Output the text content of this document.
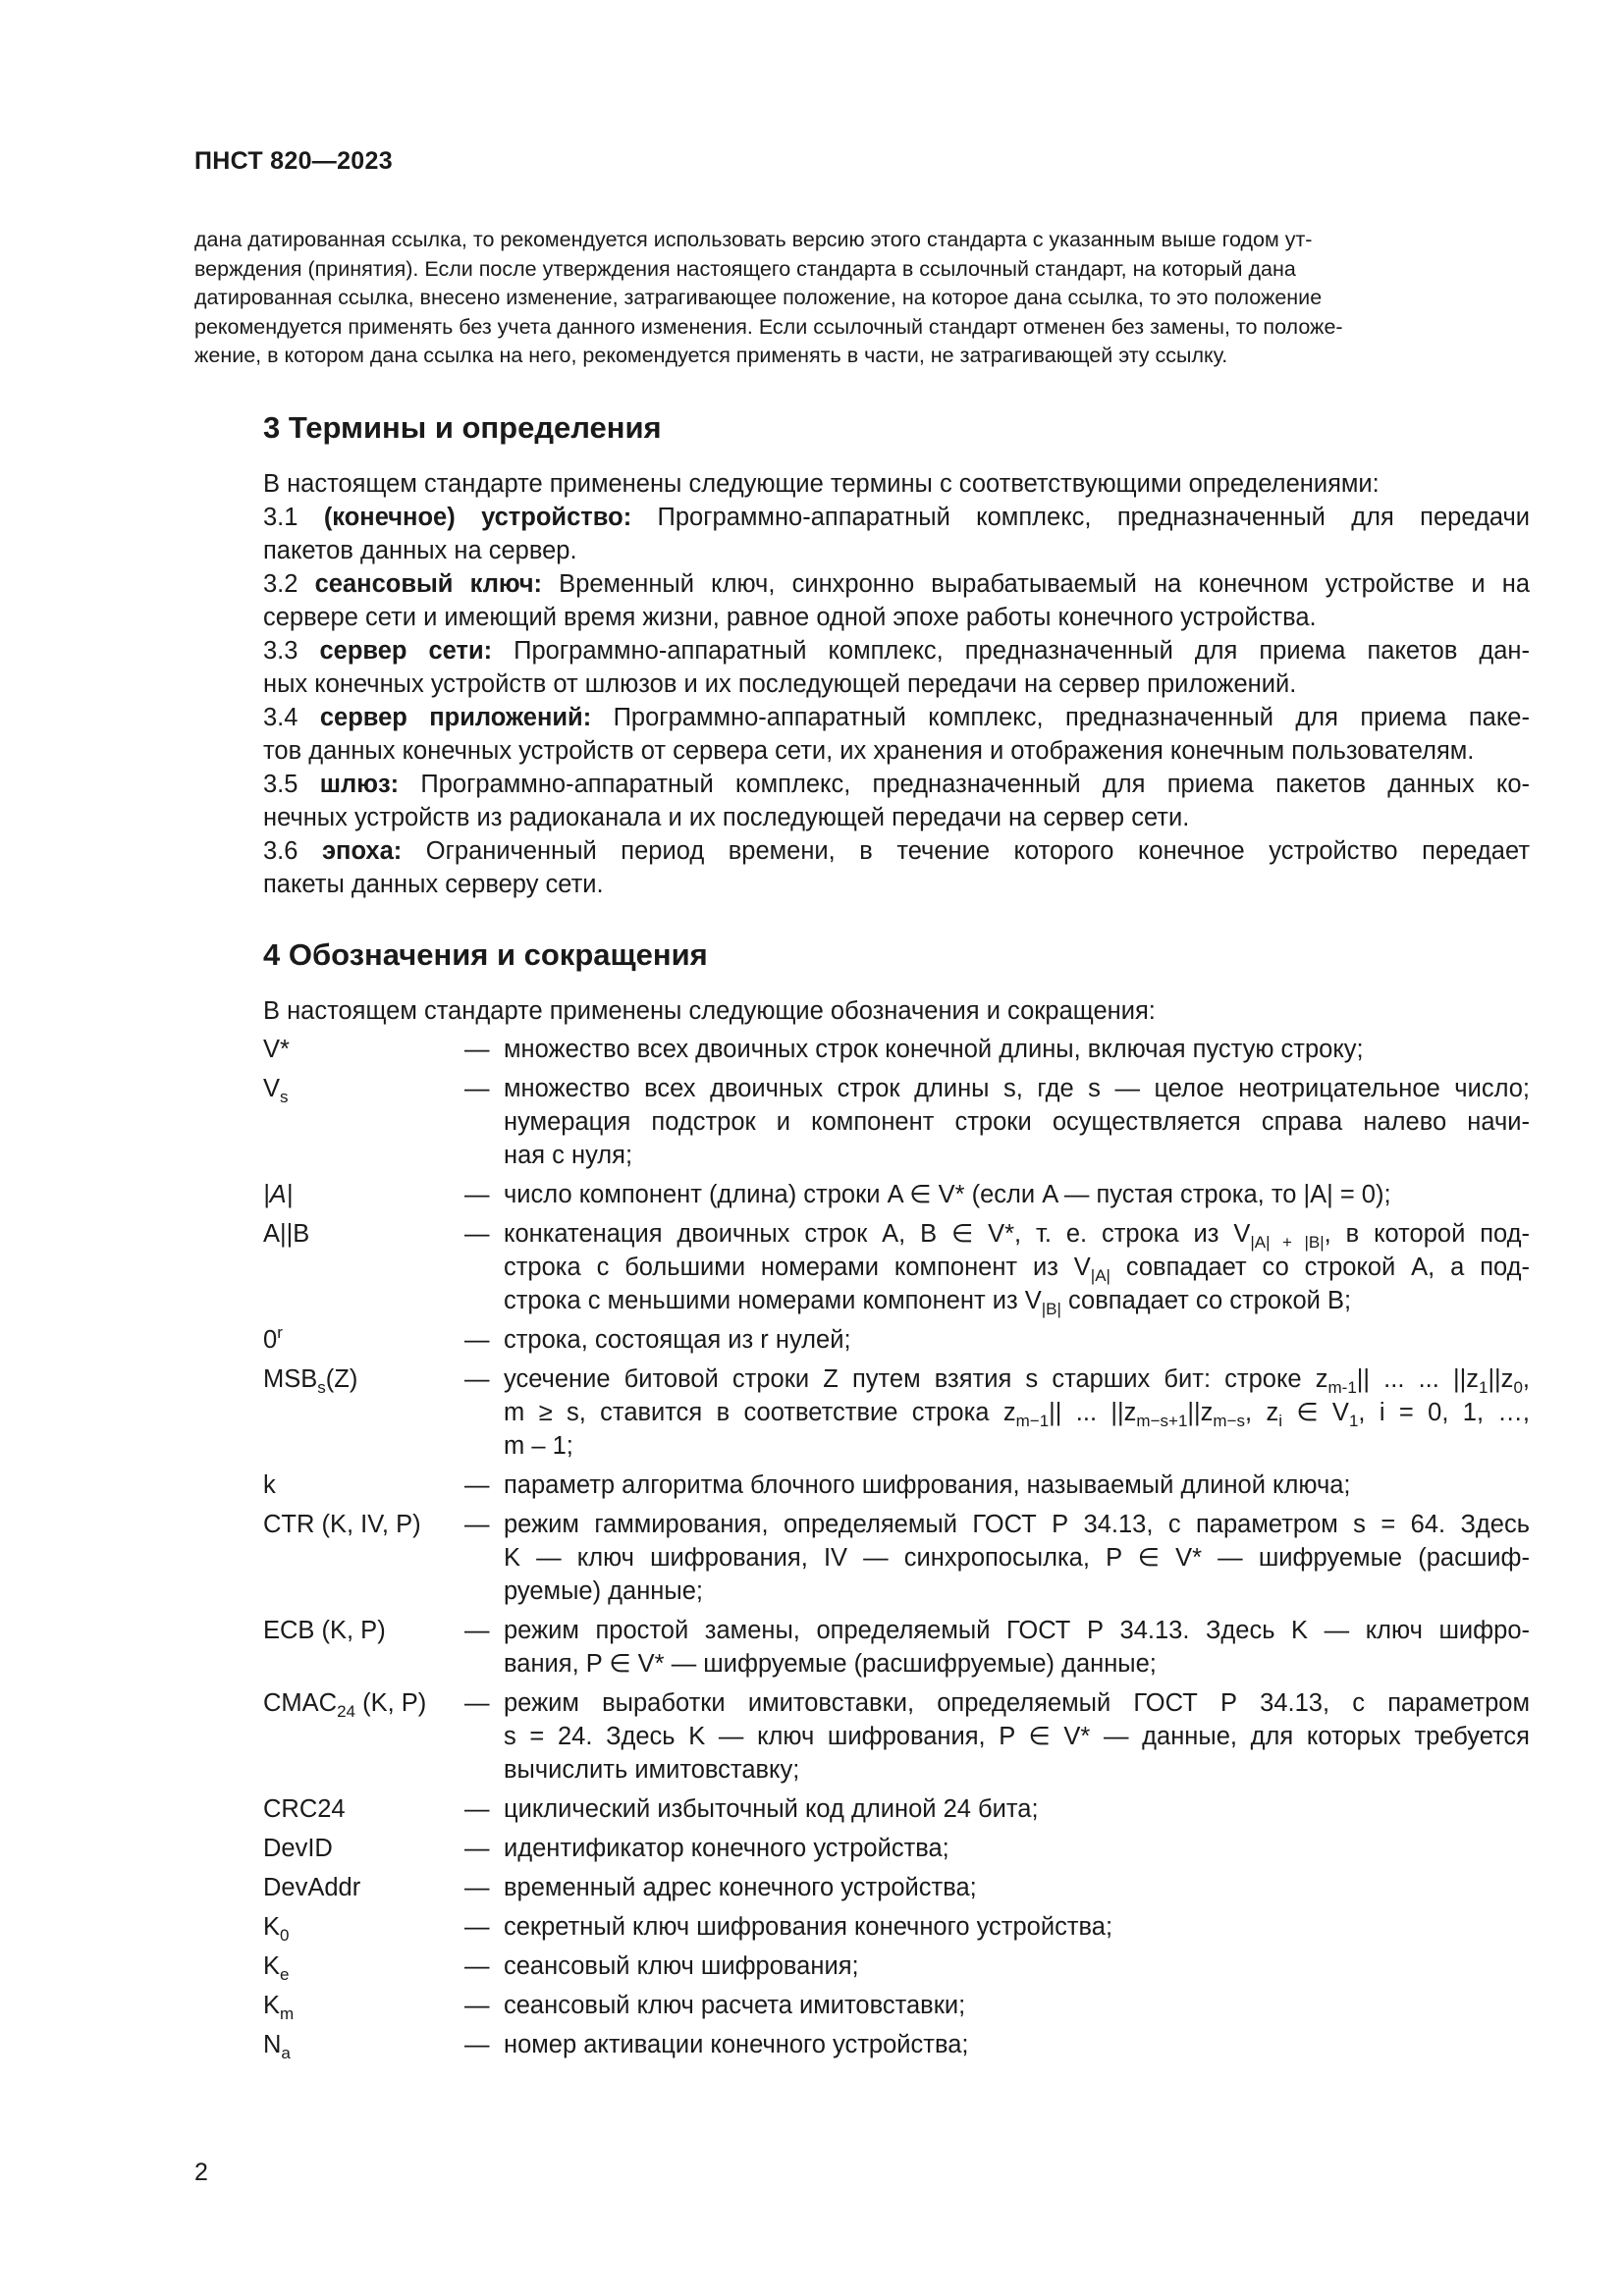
ПНСТ 820—2023
дана датированная ссылка, то рекомендуется использовать версию этого стандарта с указанным выше годом ут-
верждения (принятия). Если после утверждения настоящего стандарта в ссылочный стандарт, на который дана
датированная ссылка, внесено изменение, затрагивающее положение, на которое дана ссылка, то это положение
рекомендуется применять без учета данного изменения. Если ссылочный стандарт отменен без замены, то положе-
жение, в котором дана ссылка на него, рекомендуется применять в части, не затрагивающей эту ссылку.
3 Термины и определения

В настоящем стандарте применены следующие термины с соответствующими определениями:

3.1 (конечное) устройство: Программно-аппаратный комплекс, предназначенный для передачи
пакетов данных на сервер.

3.2 сеансовый ключ: Временный ключ, синхронно вырабатываемый на конечном устройстве и на
сервере сети и имеющий время жизни, равное одной эпохе работы конечного устройства.

3.3 сервер сети: Программно-аппаратный комплекс, предназначенный для приема пакетов дан-
ных конечных устройств от шлюзов и их последующей передачи на сервер приложений.

3.4 сервер приложений: Программно-аппаратный комплекс, предназначенный для приема паке-
тов данных конечных устройств от сервера сети, их хранения и отображения конечным пользователям.

3.5 шлюз: Программно-аппаратный комплекс, предназначенный для приема пакетов данных ко-
нечных устройств из радиоканала и их последующей передачи на сервер сети.

3.6 эпоха: Ограниченный период времени, в течение которого конечное устройство передает
пакеты данных серверу сети.

4 Обозначения и сокращения
В настоящем стандарте применены следующие обозначения и сокращения:
V*	— множество всех двоичных строк конечной длины, включая пустую строку;
$V_s$	— множество всех двоичных строк длины s, где s — целое неотрицательное число;
нумерация подстрок и компонент строки осуществляется справа налево начи-
ная с нуля;
|A|	— число компонент (длина) строки A ∈ V* (если A — пустая строка, то |A| = 0);
A||B	— конкатенация двоичных строк A, B ∈ V*, т. е. строка из $V_{|A| + |B|}$, в которой под-
строка с большими номерами компонент из $V_{|A|}$ совпадает со строкой A, а под-
строка с меньшими номерами компонент из $V_{|B|}$ совпадает со строкой B;
0$^r$	— строка, состоящая из r нулей;
$MSB_s(Z)$	— усечение битовой строки Z путем взятия s старших бит: строке $z_{m-1}||$ ... ... $||z_1||z_0$,
m ≥ s, ставится в соответствие строка $z_{m-1}||$ ... $||z_{m-s+1}||z_{m-s}$, $z_i$ ∈ $V_1$, i = 0, 1, …,
m – 1;
k	— параметр алгоритма блочного шифрования, называемый длиной ключа;
CTR (K, IV, P)	— режим гаммирования, определяемый ГОСТ Р 34.13, с параметром s = 64. Здесь
K — ключ шифрования, IV — синхропосылка, P ∈ V* — шифруемые (расшиф-
руемые) данные;
ECB (K, P)	— режим простой замены, определяемый ГОСТ Р 34.13. Здесь K — ключ шифро-
вания, P ∈ V* — шифруемые (расшифруемые) данные;
$CMAC_{24}$ (K, P)	— режим выработки имитовставки, определяемый ГОСТ Р 34.13, с параметром
s = 24. Здесь K — ключ шифрования, P ∈ V* — данные, для которых требуется
вычислить имитовставку;
CRC24	— циклический избыточный код длиной 24 бита;
DevID	— идентификатор конечного устройства;
DevAddr	— временный адрес конечного устройства;
$K_0$	— секретный ключ шифрования конечного устройства;
$K_e$	— сеансовый ключ шифрования;
$K_m$	— сеансовый ключ расчета имитовставки;
$N_a$	— номер активации конечного устройства;
2
